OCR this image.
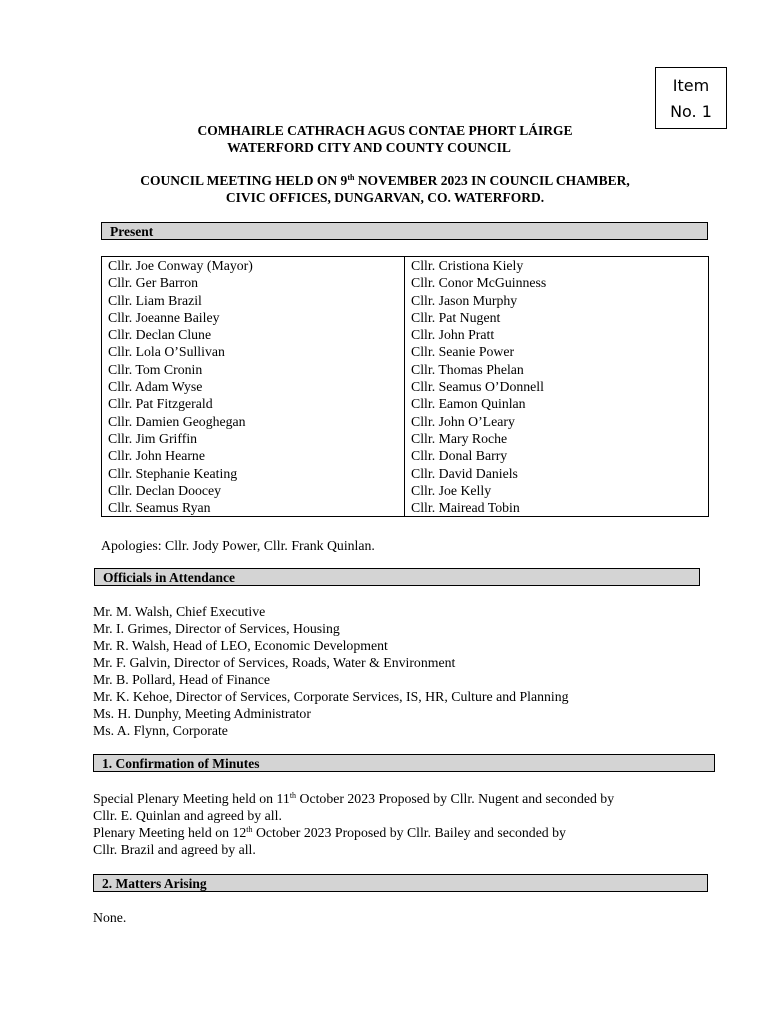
Item
No. 1
COMHAIRLE CATHRACH AGUS CONTAE PHORT LÁIRGE
WATERFORD CITY AND COUNTY COUNCIL
COUNCIL MEETING HELD ON 9th NOVEMBER 2023 IN COUNCIL CHAMBER,
CIVIC OFFICES, DUNGARVAN, CO. WATERFORD.
Present
Cllr. Joe Conway (Mayor)	Cllr. Cristiona Kiely
Cllr. Ger Barron	Cllr. Conor McGuinness
Cllr. Liam Brazil	Cllr. Jason Murphy
Cllr. Joeanne Bailey	Cllr. Pat Nugent
Cllr. Declan Clune	Cllr. John Pratt
Cllr. Lola O’Sullivan	Cllr. Seanie Power
Cllr. Tom Cronin	Cllr. Thomas Phelan
Cllr. Adam Wyse	Cllr. Seamus O’Donnell
Cllr. Pat Fitzgerald	Cllr. Eamon Quinlan
Cllr. Damien Geoghegan	Cllr. John O’Leary
Cllr. Jim Griffin	Cllr. Mary Roche
Cllr. John Hearne	Cllr. Donal Barry
Cllr. Stephanie Keating	Cllr. David Daniels
Cllr. Declan Doocey	Cllr. Joe Kelly
Cllr. Seamus Ryan	Cllr. Mairead Tobin
Apologies: Cllr. Jody Power, Cllr. Frank Quinlan.
Officials in Attendance
Mr. M. Walsh, Chief Executive
Mr. I. Grimes, Director of Services, Housing
Mr. R. Walsh, Head of LEO, Economic Development
Mr. F. Galvin, Director of Services, Roads, Water & Environment
Mr. B. Pollard, Head of Finance
Mr. K. Kehoe, Director of Services, Corporate Services, IS, HR, Culture and Planning
Ms. H. Dunphy, Meeting Administrator
Ms. A. Flynn, Corporate
1. Confirmation of Minutes
Special Plenary Meeting held on 11th October 2023 Proposed by Cllr. Nugent and seconded by
Cllr. E. Quinlan and agreed by all.
Plenary Meeting held on 12th October 2023 Proposed by Cllr. Bailey and seconded by
Cllr. Brazil and agreed by all.
2. Matters Arising
None.
